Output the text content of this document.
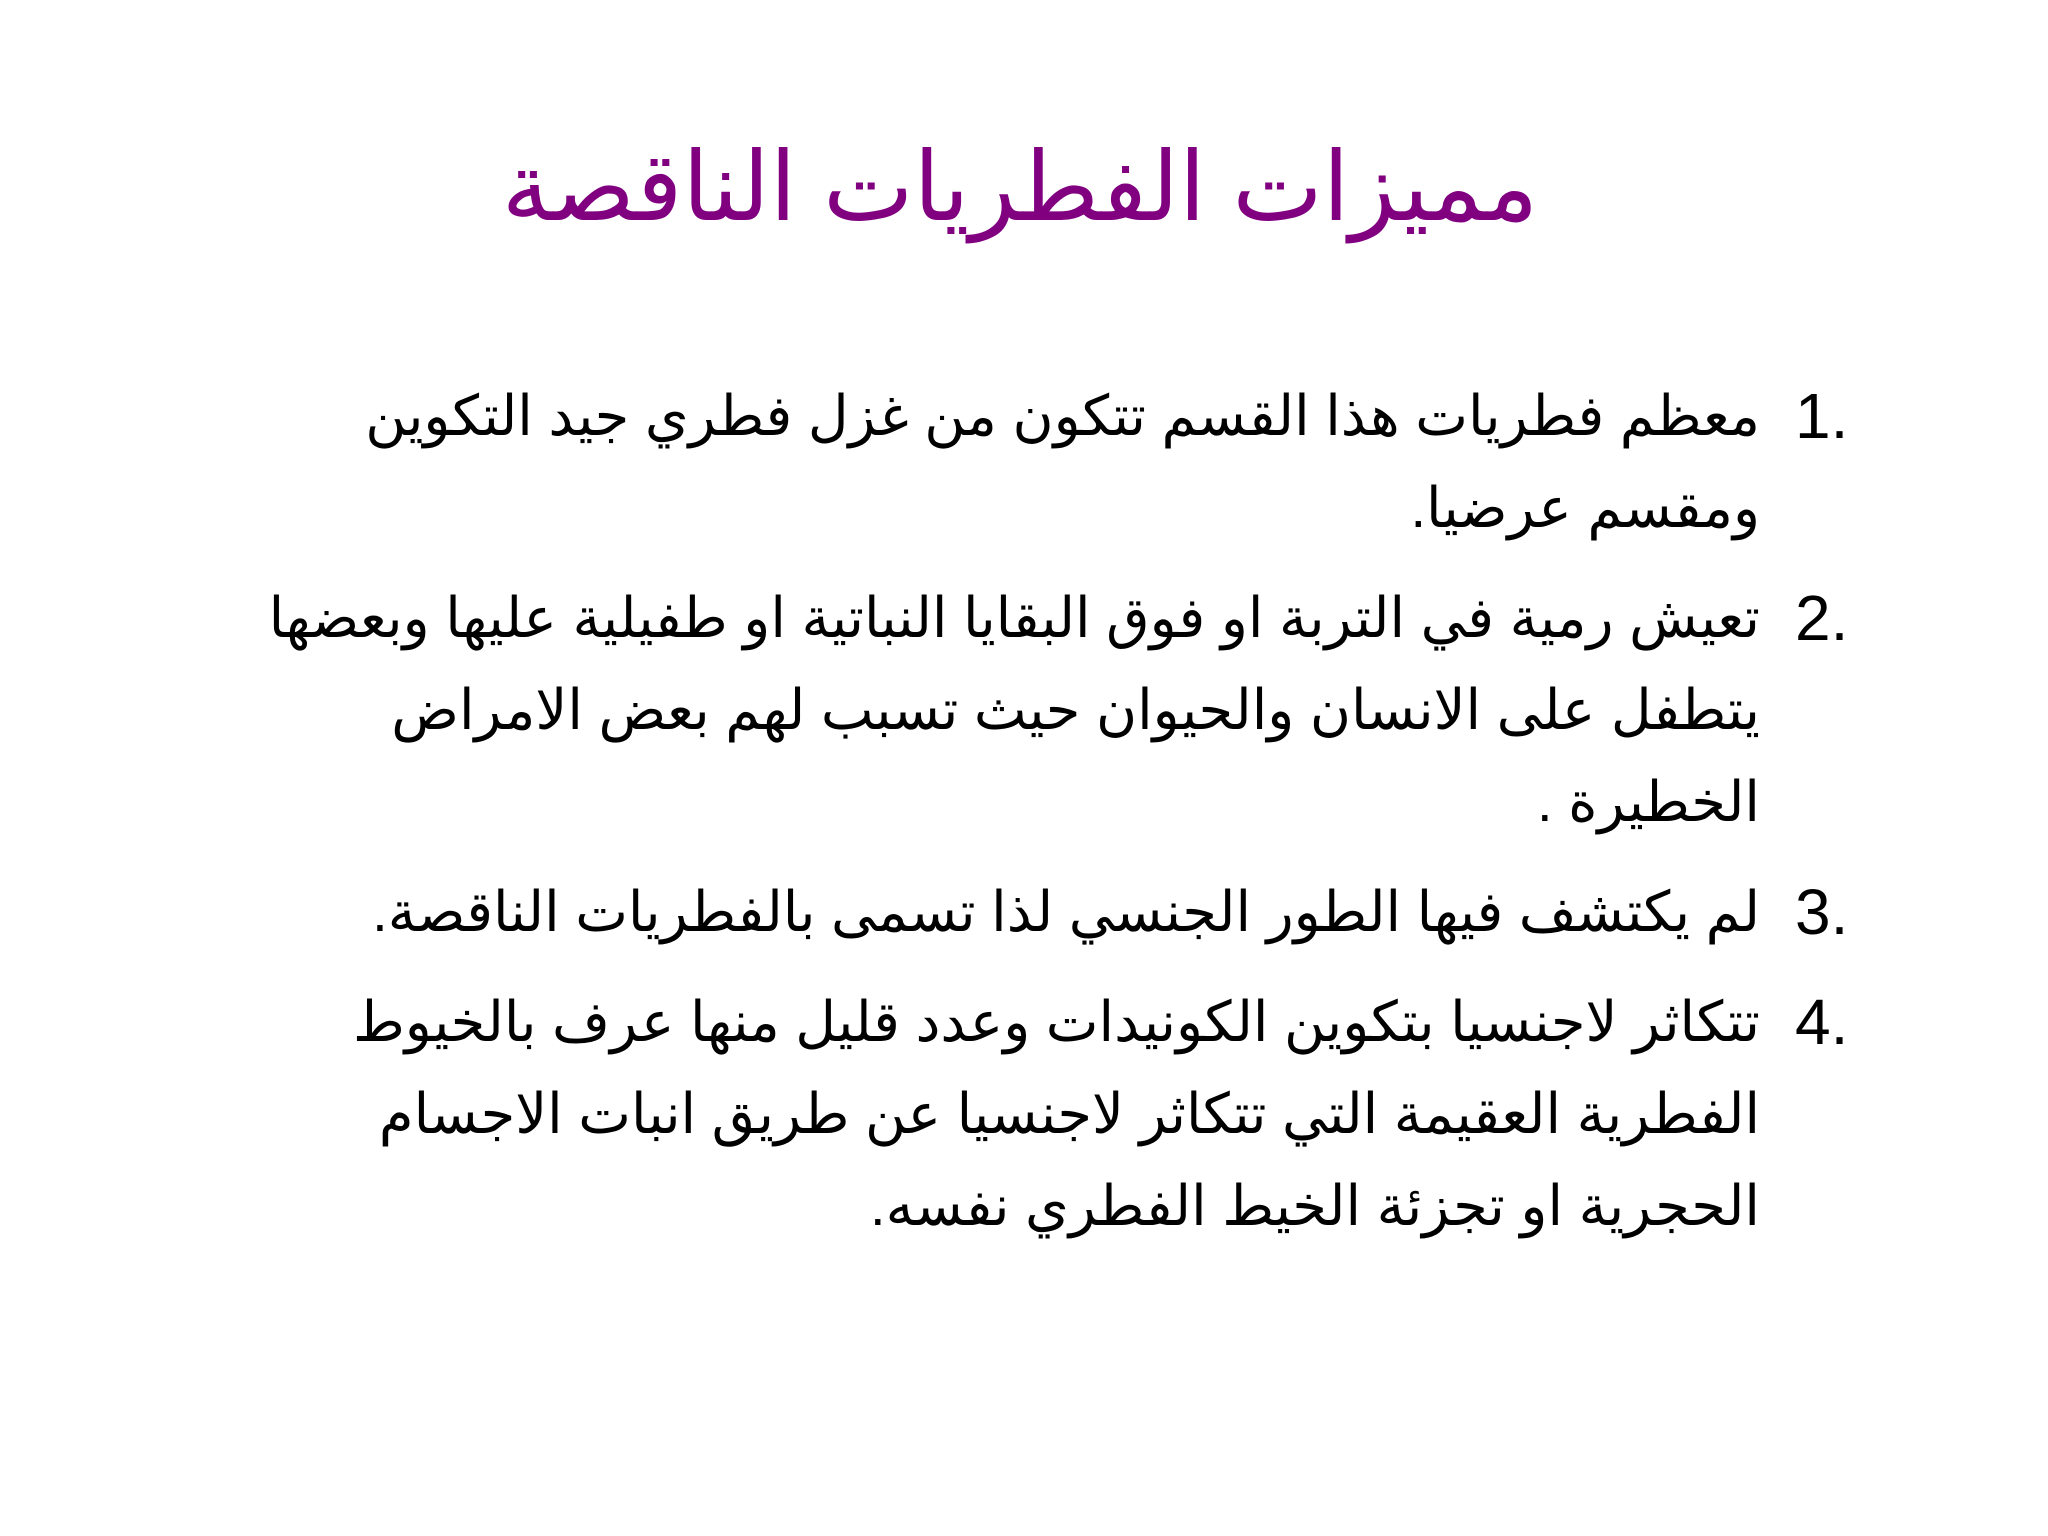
مميزات الفطريات الناقصة
1.
معظم فطريات هذا القسم تتكون من غزل فطري جيد التكوين ومقسم عرضيا.
2.
تعيش رمية في التربة او فوق البقايا النباتية او طفيلية عليها وبعضها يتطفل على الانسان والحيوان حيث تسبب لهم بعض الامراض الخطيرة .
3.
لم يكتشف فيها الطور الجنسي لذا تسمى بالفطريات الناقصة.
4.
تتكاثر لاجنسيا بتكوين الكونيدات وعدد قليل منها عرف بالخيوط الفطرية العقيمة التي تتكاثر لاجنسيا عن طريق انبات الاجسام الحجرية او تجزئة الخيط الفطري نفسه.
